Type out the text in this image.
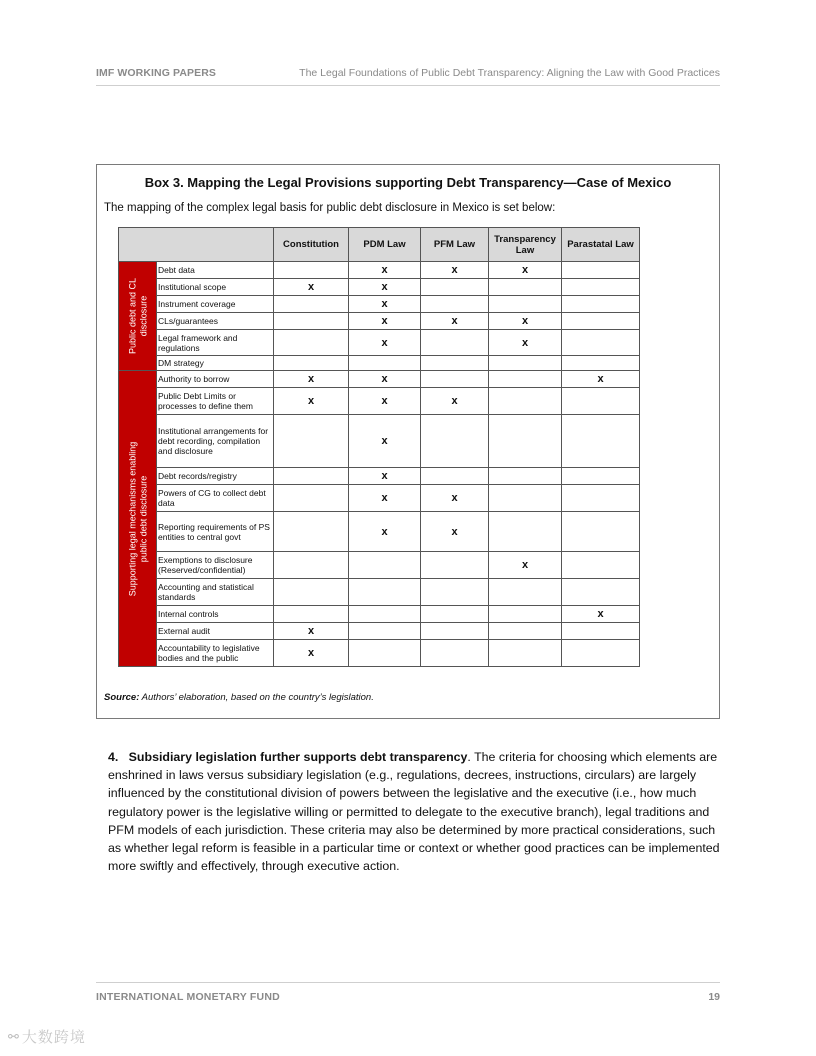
IMF WORKING PAPERS	The Legal Foundations of Public Debt Transparency: Aligning the Law with Good Practices
Box 3. Mapping the Legal Provisions supporting Debt Transparency—Case of Mexico
The mapping of the complex legal basis for public debt disclosure in Mexico is set below:
		Constitution	PDM Law	PFM Law	Transparency Law	Parastatal Law

Public debt and CL disclosure	Debt data		x	x	x	
	Institutional scope	x	x			
	Instrument coverage		x			
	CLs/guarantees		x	x	x	
	Legal framework and regulations		x		x	
	DM strategy					

Supporting legal mechanisms enabling public debt disclosure	Authority to borrow	x	x			x
	Public Debt Limits or processes to define them	x	x	x		
	Institutional arrangements for debt recording, compilation and disclosure		x			
	Debt records/registry		x			
	Powers of CG to collect debt data		x	x		
	Reporting requirements of PS entities to central govt		x	x		
	Exemptions to disclosure (Reserved/confidential)				x	
	Accounting and statistical standards					
	Internal controls					x
	External audit	x				
	Accountability to legislative bodies and the public	x				
Source: Authors’ elaboration, based on the country’s legislation.
4. Subsidiary legislation further supports debt transparency. The criteria for choosing which elements are enshrined in laws versus subsidiary legislation (e.g., regulations, decrees, instructions, circulars) are largely influenced by the constitutional division of powers between the legislative and the executive (i.e., how much regulatory power is the legislative willing or permitted to delegate to the executive branch), legal traditions and PFM models of each jurisdiction. These criteria may also be determined by more practical considerations, such as whether legal reform is feasible in a particular time or context or whether good practices can be implemented more swiftly and effectively, through executive action.
INTERNATIONAL MONETARY FUND	19
⚯ 大数跨境
